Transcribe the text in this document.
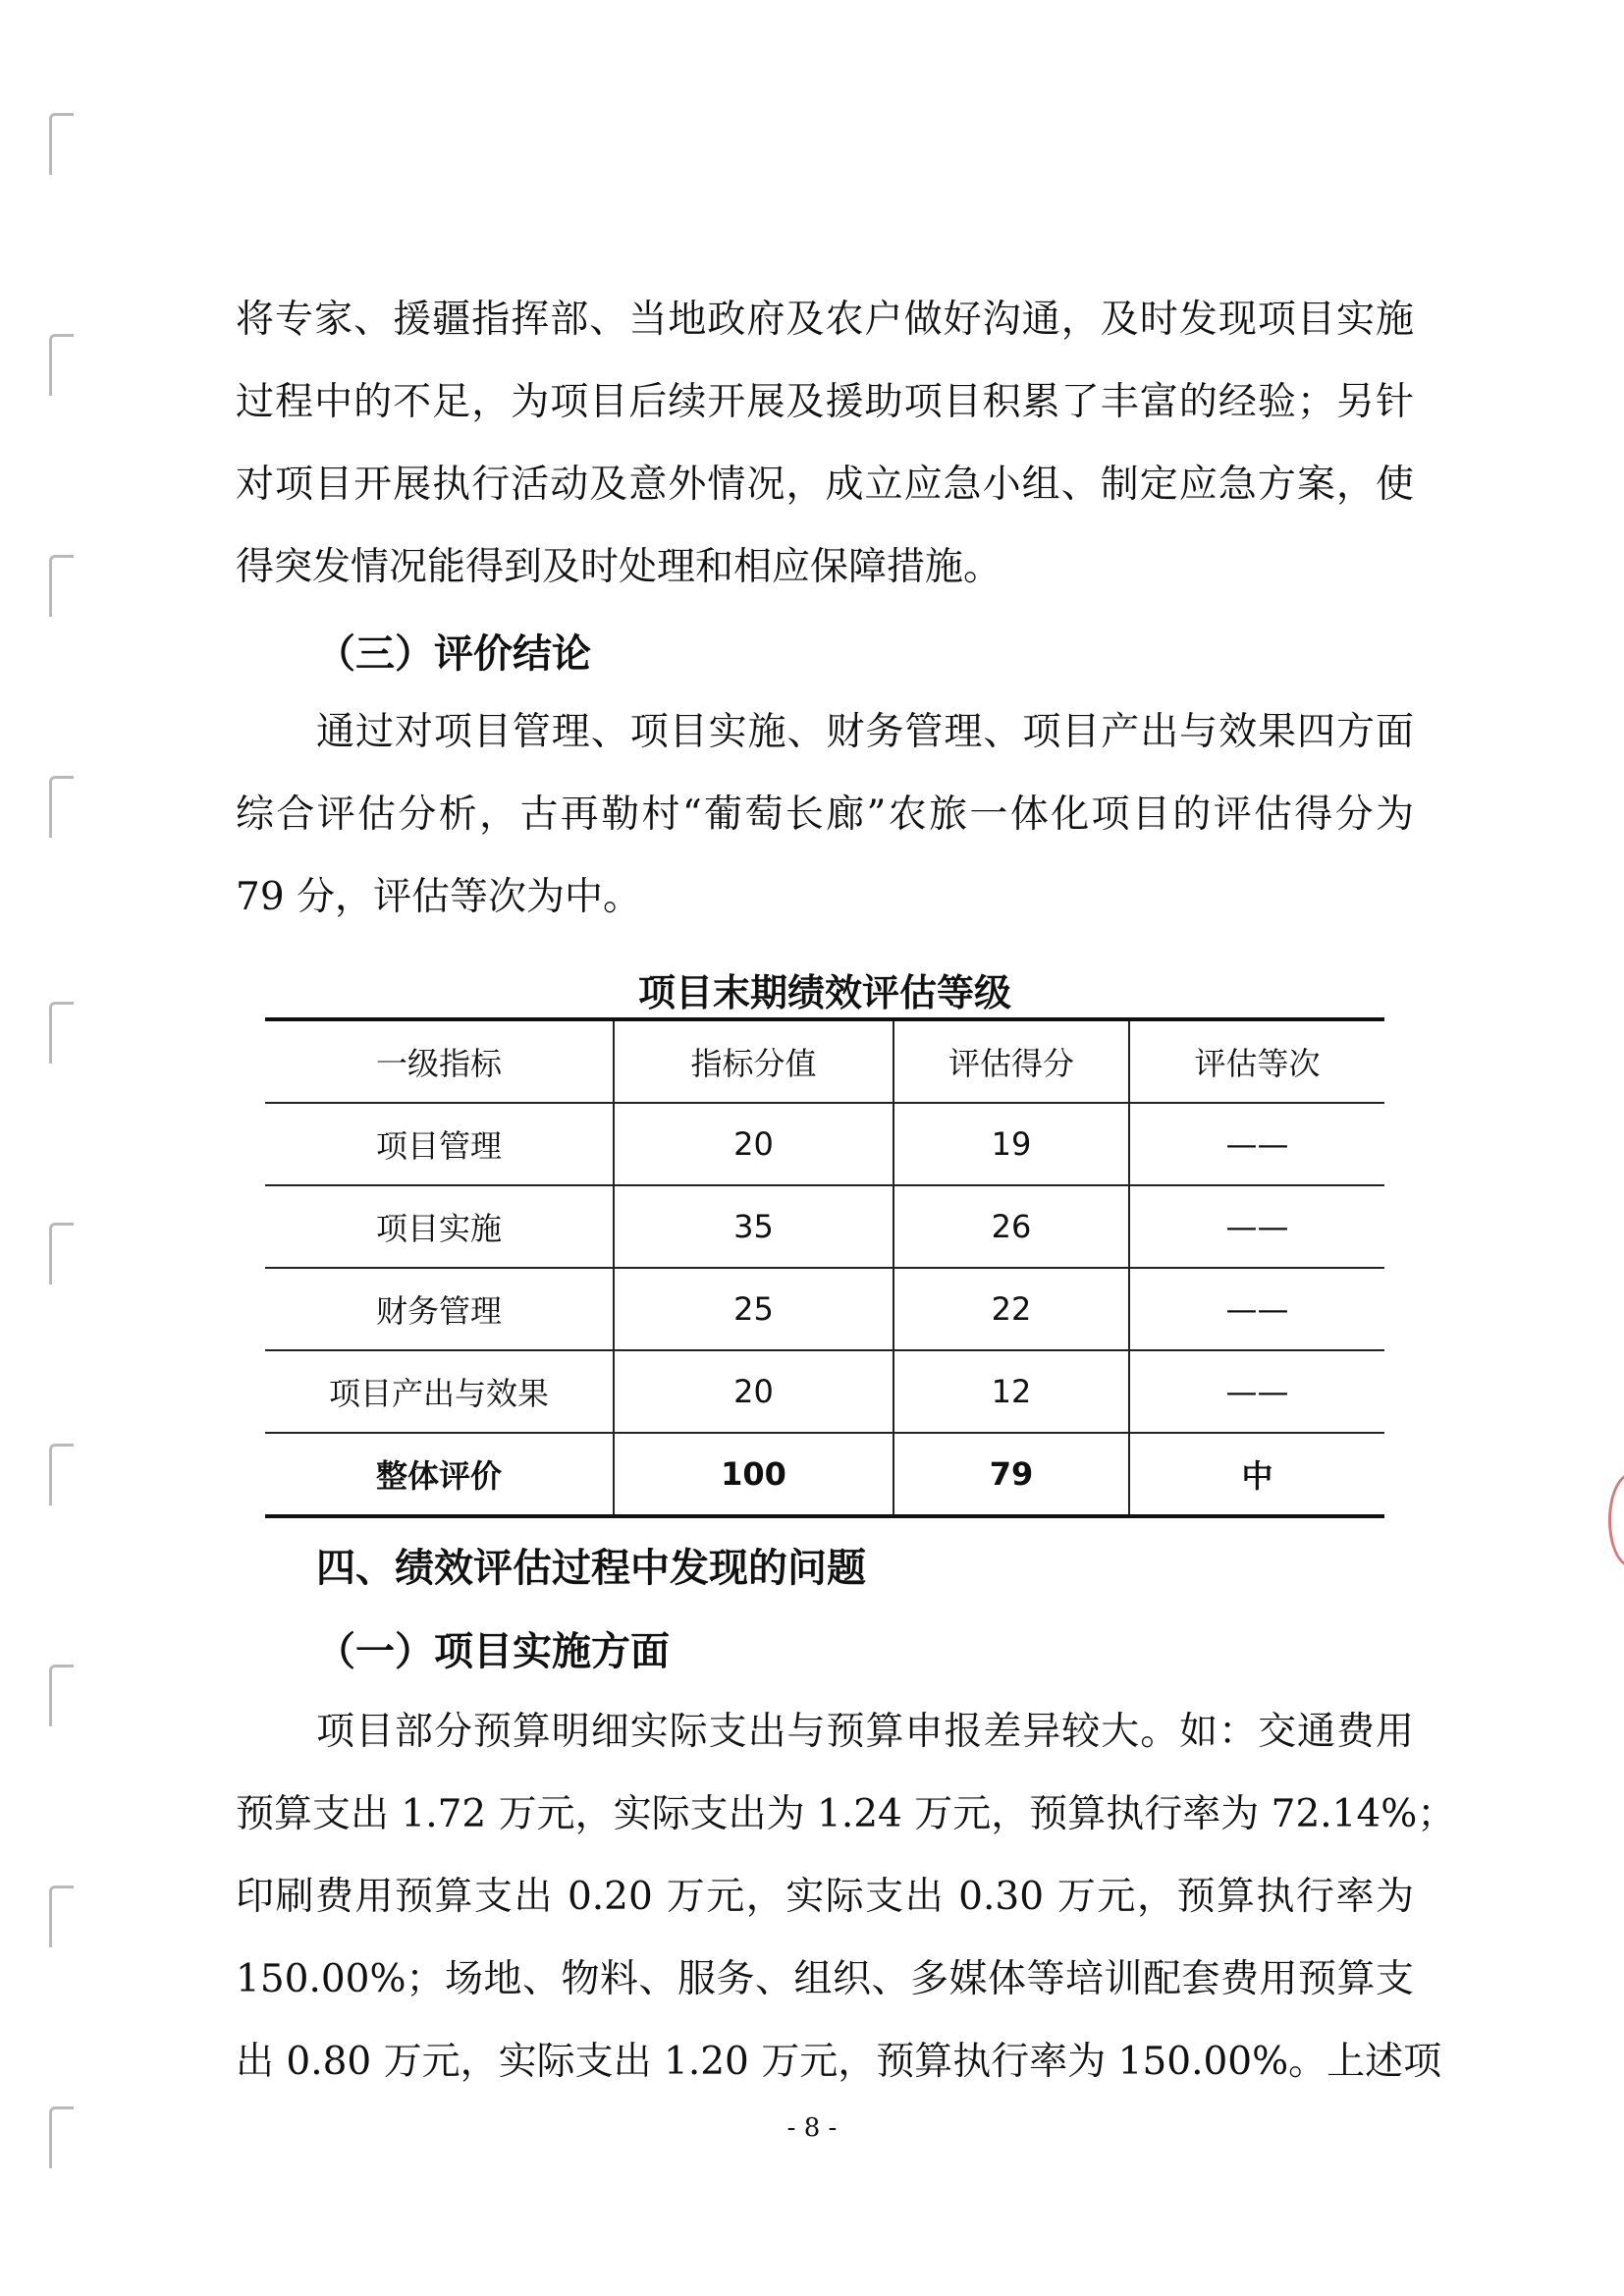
将专家、援疆指挥部、当地政府及农户做好沟通，及时发现项目实施
过程中的不足，为项目后续开展及援助项目积累了丰富的经验；另针
对项目开展执行活动及意外情况，成立应急小组、制定应急方案，使
得突发情况能得到及时处理和相应保障措施。
（三）评价结论
通过对项目管理、项目实施、财务管理、项目产出与效果四方面
综合评估分析，古再勒村“葡萄长廊”农旅一体化项目的评估得分为
79 分，评估等次为中。
项目末期绩效评估等级
一级指标	指标分值	评估得分	评估等次
项目管理	20	19	——
项目实施	35	26	——
财务管理	25	22	——
项目产出与效果	20	12	——
整体评价	100	79	中
四、绩效评估过程中发现的问题
（一）项目实施方面
项目部分预算明细实际支出与预算申报差异较大。如：交通费用
预算支出 1.72 万元，实际支出为 1.24 万元，预算执行率为 72.14%；
印刷费用预算支出 0.20 万元，实际支出 0.30 万元，预算执行率为
150.00%；场地、物料、服务、组织、多媒体等培训配套费用预算支
出 0.80 万元，实际支出 1.20 万元，预算执行率为 150.00%。上述项
- 8 -
